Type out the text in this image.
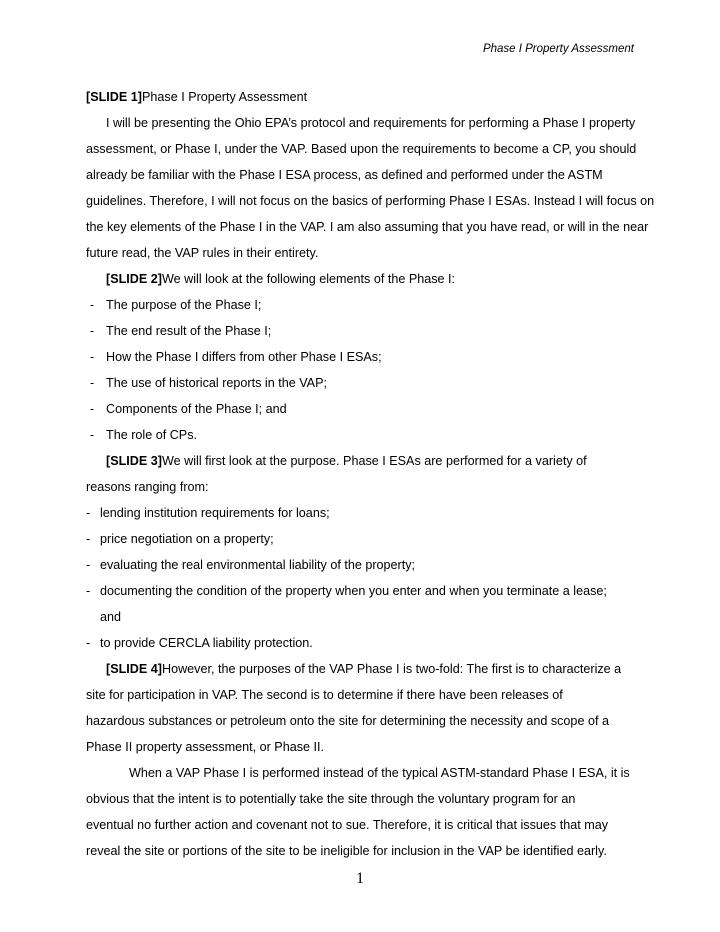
Phase I Property Assessment
[SLIDE 1]Phase I Property Assessment
I will be presenting the Ohio EPA’s protocol and requirements for performing a Phase I property
assessment, or Phase I, under the VAP. Based upon the requirements to become a CP, you should
already be familiar with the Phase I ESA process, as defined and performed under the ASTM
guidelines. Therefore, I will not focus on the basics of performing Phase I ESAs. Instead I will focus on
the key elements of the Phase I in the VAP. I am also assuming that you have read, or will in the near
future read, the VAP rules in their entirety.
[SLIDE 2]We will look at the following elements of the Phase I:
- The purpose of the Phase I;
- The end result of the Phase I;
- How the Phase I differs from other Phase I ESAs;
- The use of historical reports in the VAP;
- Components of the Phase I; and
- The role of CPs.
[SLIDE 3]We will first look at the purpose. Phase I ESAs are performed for a variety of
reasons ranging from:
- lending institution requirements for loans;
- price negotiation on a property;
- evaluating the real environmental liability of the property;
- documenting the condition of the property when you enter and when you terminate a lease;
and
- to provide CERCLA liability protection.
[SLIDE 4]However, the purposes of the VAP Phase I is two-fold: The first is to characterize a
site for participation in VAP. The second is to determine if there have been releases of
hazardous substances or petroleum onto the site for determining the necessity and scope of a
Phase II property assessment, or Phase II.
When a VAP Phase I is performed instead of the typical ASTM-standard Phase I ESA, it is
obvious that the intent is to potentially take the site through the voluntary program for an
eventual no further action and covenant not to sue. Therefore, it is critical that issues that may
reveal the site or portions of the site to be ineligible for inclusion in the VAP be identified early.
1
